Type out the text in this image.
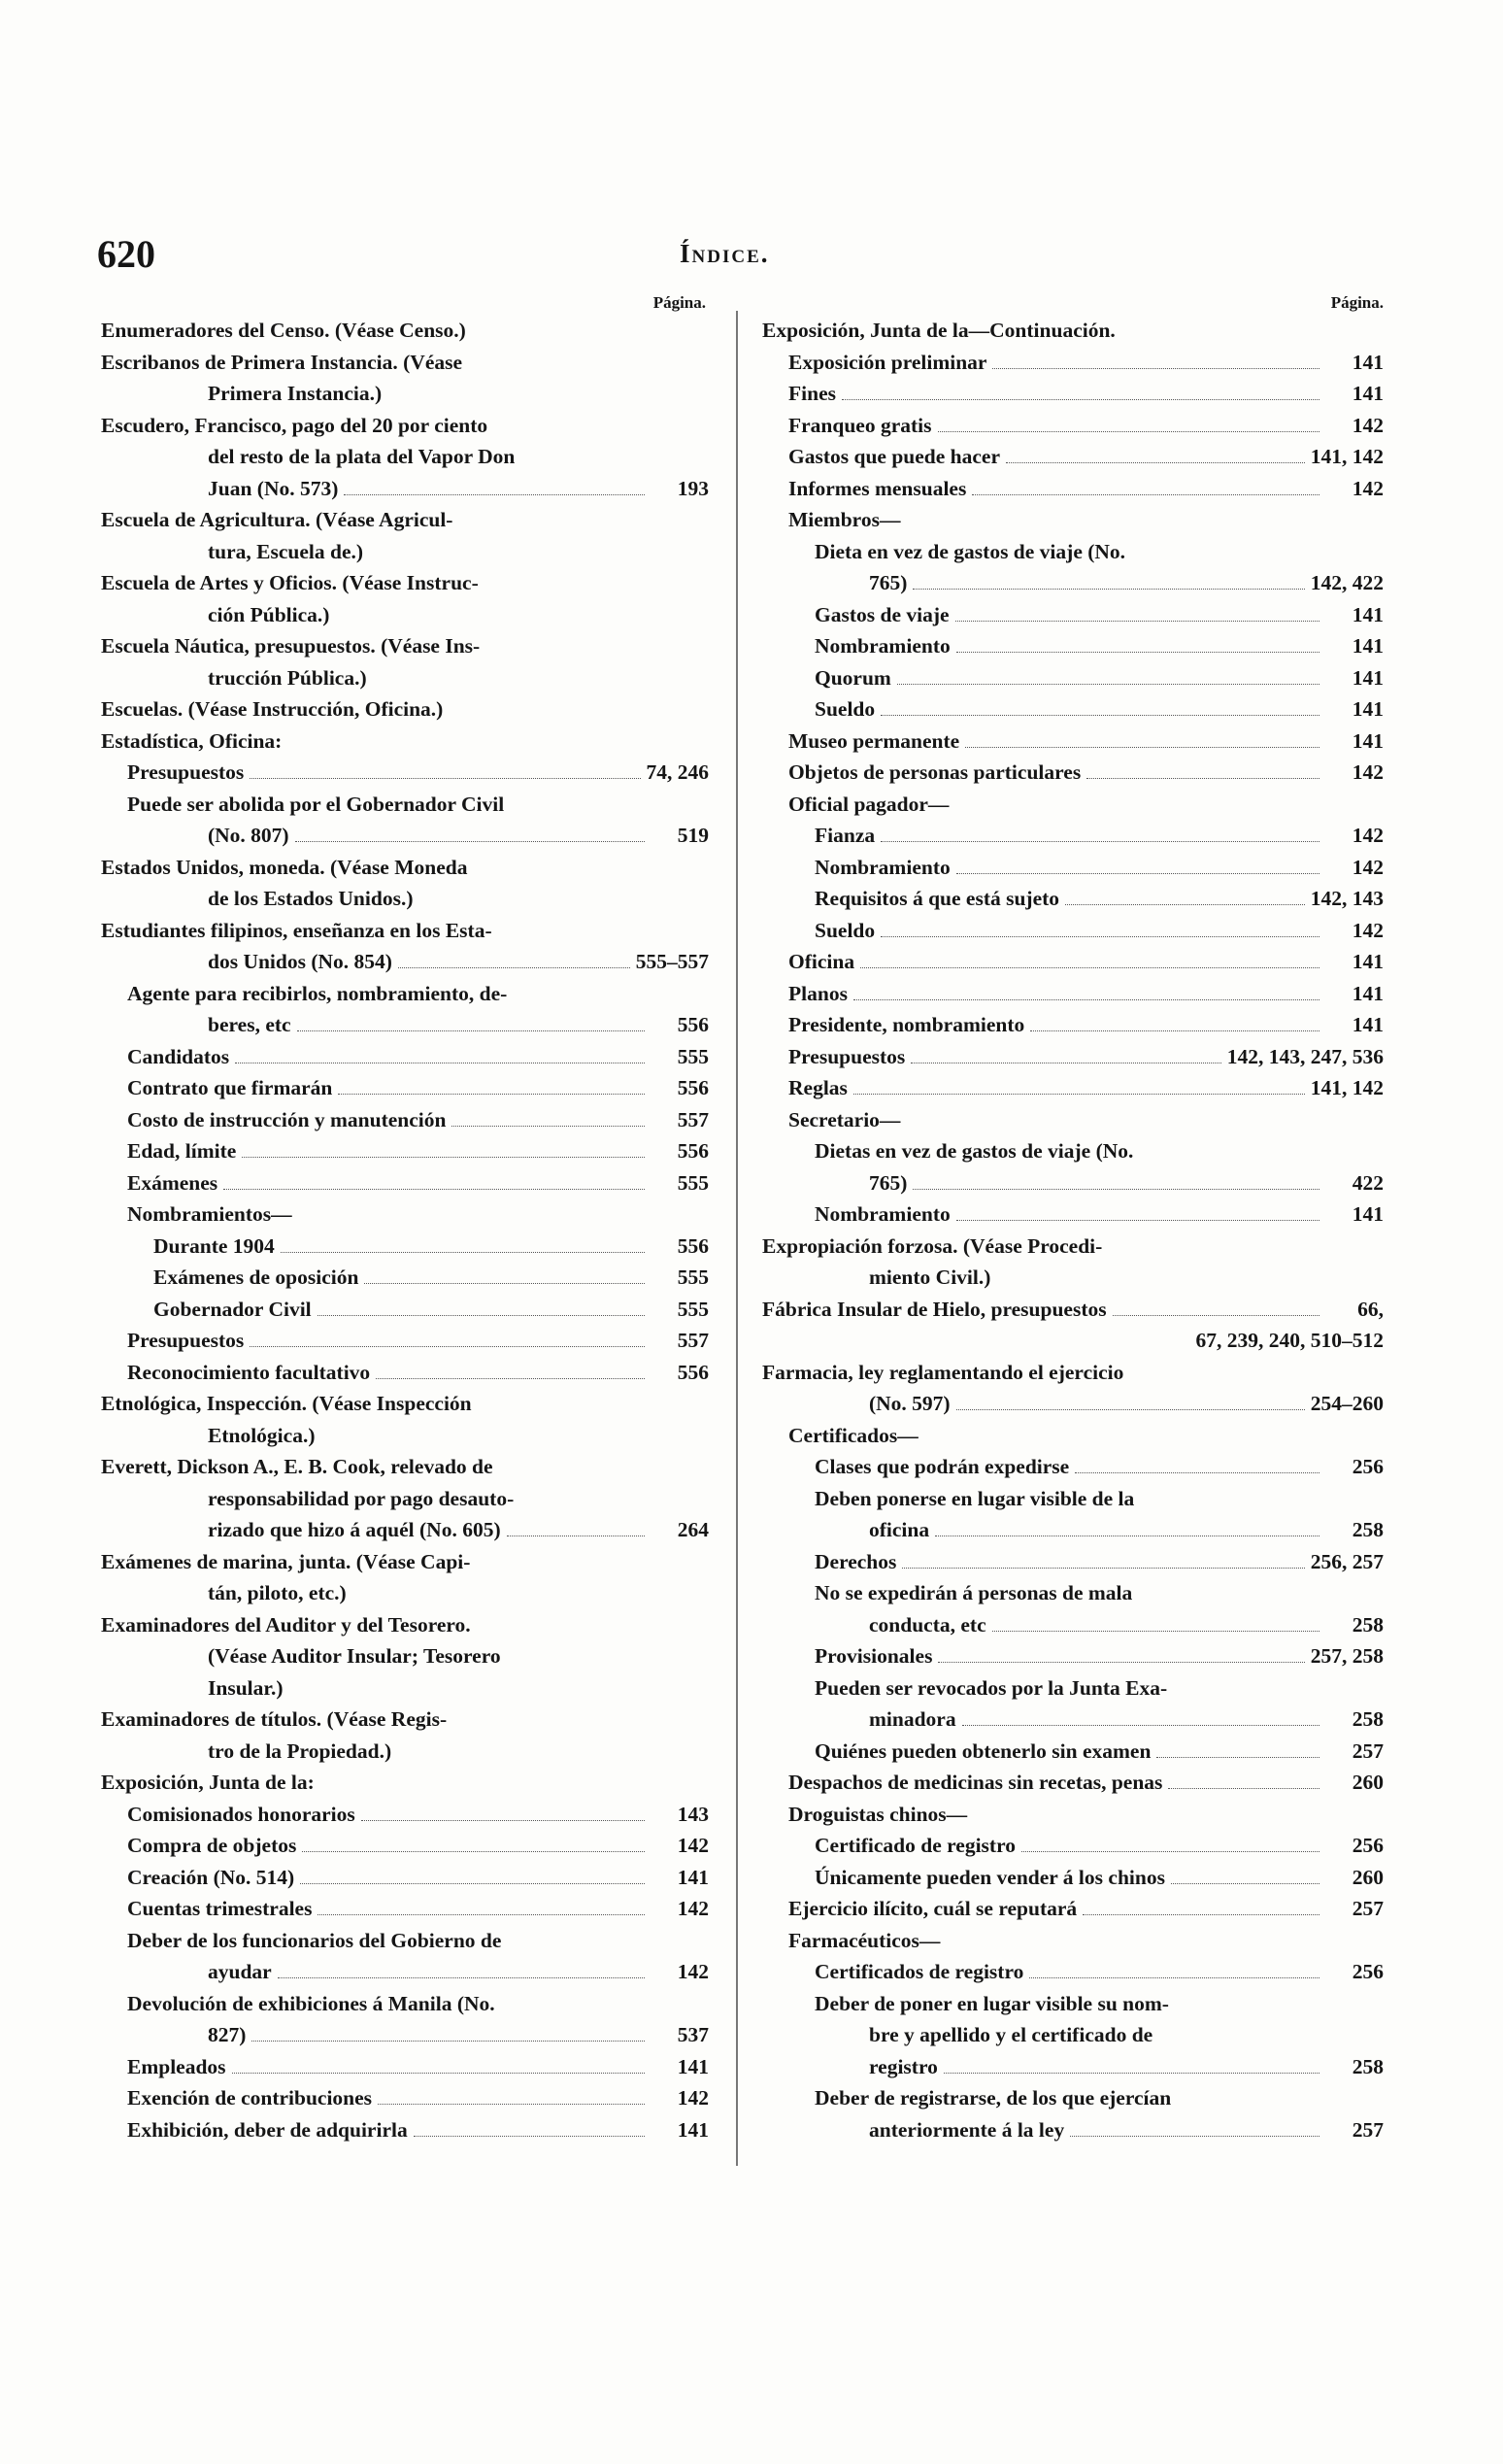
620	Índice.
Página.
Enumeradores del Censo. (Véase Censo.)
Escribanos de Primera Instancia. (Véase
Primera Instancia.)
Escudero, Francisco, pago del 20 por ciento
del resto de la plata del Vapor Don
Juan (No. 573)	193
Escuela de Agricultura. (Véase Agricul-
tura, Escuela de.)
Escuela de Artes y Oficios. (Véase Instruc-
ción Pública.)
Escuela Náutica, presupuestos. (Véase Ins-
trucción Pública.)
Escuelas. (Véase Instrucción, Oficina.)
Estadística, Oficina:
Presupuestos	74, 246
Puede ser abolida por el Gobernador Civil
(No. 807)	519
Estados Unidos, moneda. (Véase Moneda
de los Estados Unidos.)
Estudiantes filipinos, enseñanza en los Esta-
dos Unidos (No. 854)	555–557
Agente para recibirlos, nombramiento, de-
beres, etc	556
Candidatos	555
Contrato que firmarán	556
Costo de instrucción y manutención	557
Edad, límite	556
Exámenes	555
Nombramientos—
Durante 1904	556
Exámenes de oposición	555
Gobernador Civil	555
Presupuestos	557
Reconocimiento facultativo	556
Etnológica, Inspección. (Véase Inspección
Etnológica.)
Everett, Dickson A., E. B. Cook, relevado de
responsabilidad por pago desauto-
rizado que hizo á aquél (No. 605)	264
Exámenes de marina, junta. (Véase Capi-
tán, piloto, etc.)
Examinadores del Auditor y del Tesorero.
(Véase Auditor Insular; Tesorero
Insular.)
Examinadores de títulos. (Véase Regis-
tro de la Propiedad.)
Exposición, Junta de la:
Comisionados honorarios	143
Compra de objetos	142
Creación (No. 514)	141
Cuentas trimestrales	142
Deber de los funcionarios del Gobierno de
ayudar	142
Devolución de exhibiciones á Manila (No.
827)	537
Empleados	141
Exención de contribuciones	142
Exhibición, deber de adquirirla	141
Página.
Exposición, Junta de la—Continuación.
Exposición preliminar	141
Fines	141
Franqueo gratis	142
Gastos que puede hacer	141, 142
Informes mensuales	142
Miembros—
Dieta en vez de gastos de viaje (No.
765)	142, 422
Gastos de viaje	141
Nombramiento	141
Quorum	141
Sueldo	141
Museo permanente	141
Objetos de personas particulares	142
Oficial pagador—
Fianza	142
Nombramiento	142
Requisitos á que está sujeto	142, 143
Sueldo	142
Oficina	141
Planos	141
Presidente, nombramiento	141
Presupuestos	142, 143, 247, 536
Reglas	141, 142
Secretario—
Dietas en vez de gastos de viaje (No.
765)	422
Nombramiento	141
Expropiación forzosa. (Véase Procedi-
miento Civil.)
Fábrica Insular de Hielo, presupuestos	66,
67, 239, 240, 510–512
Farmacia, ley reglamentando el ejercicio
(No. 597)	254–260
Certificados—
Clases que podrán expedirse	256
Deben ponerse en lugar visible de la
oficina	258
Derechos	256, 257
No se expedirán á personas de mala
conducta, etc	258
Provisionales	257, 258
Pueden ser revocados por la Junta Exa-
minadora	258
Quiénes pueden obtenerlo sin examen	257
Despachos de medicinas sin recetas, penas	260
Droguistas chinos—
Certificado de registro	256
Únicamente pueden vender á los chinos	260
Ejercicio ilícito, cuál se reputará	257
Farmacéuticos—
Certificados de registro	256
Deber de poner en lugar visible su nom-
bre y apellido y el certificado de
registro	258
Deber de registrarse, de los que ejercían
anteriormente á la ley	257
